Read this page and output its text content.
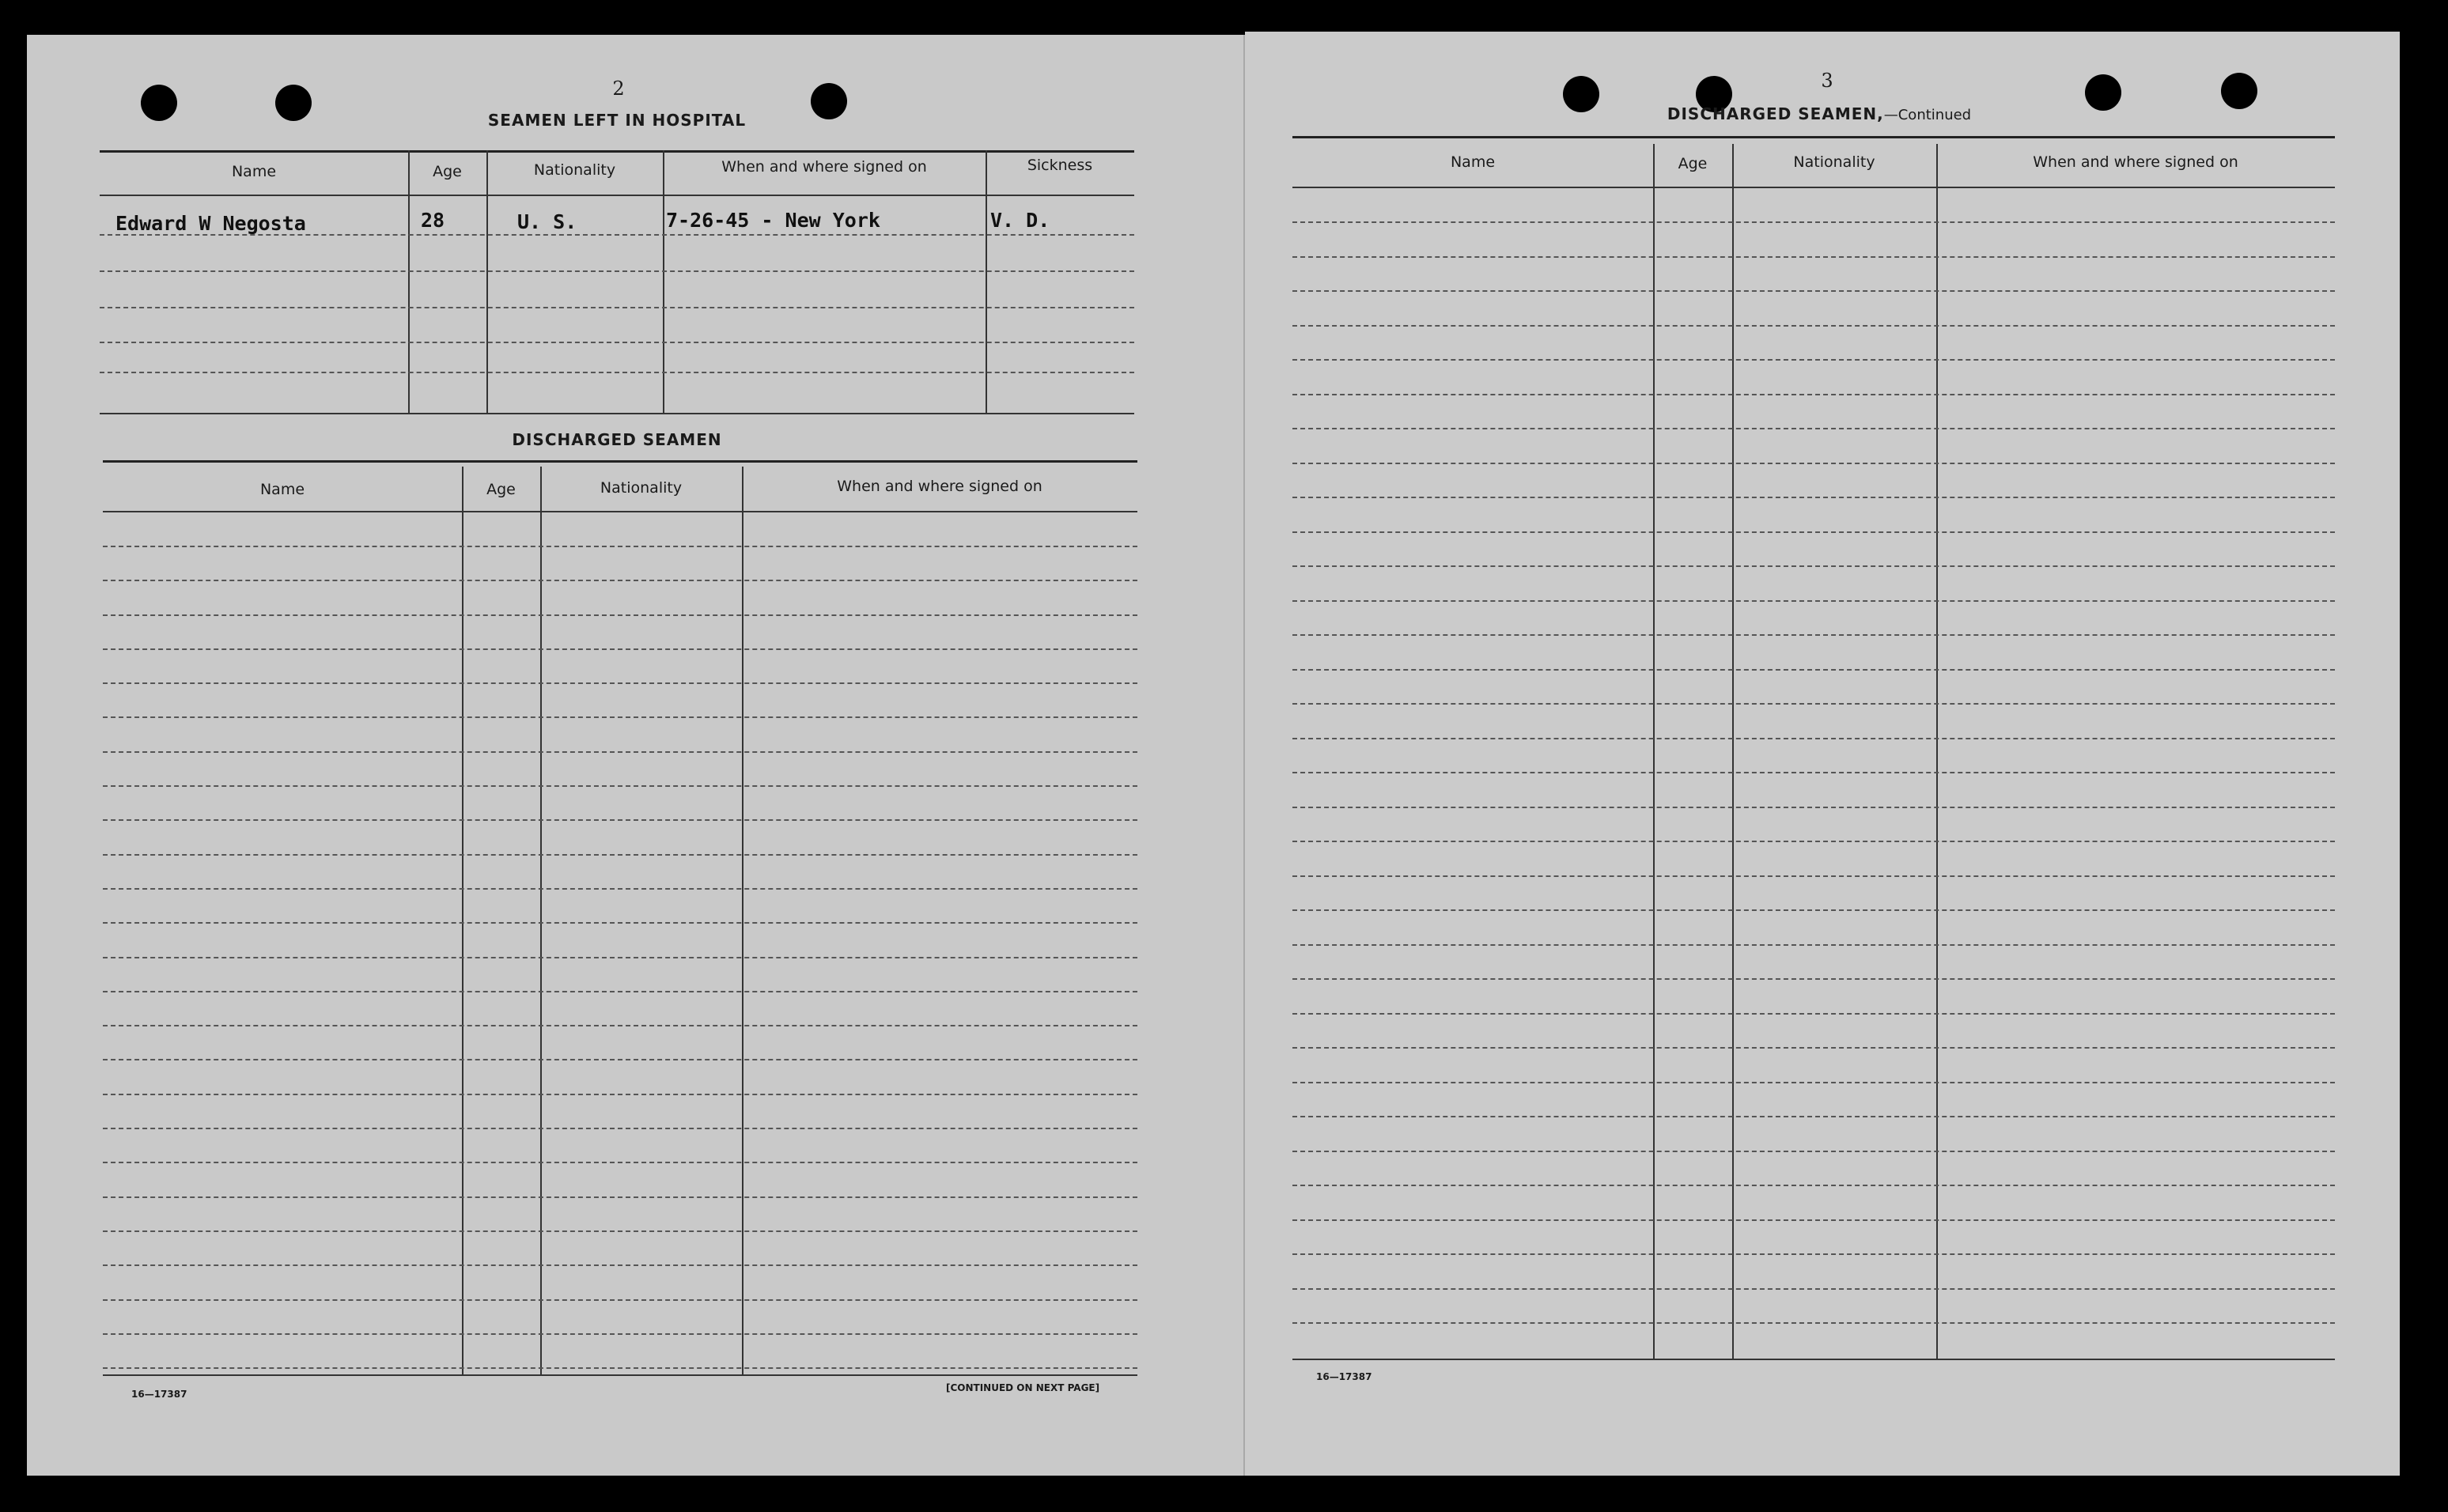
2
SEAMEN LEFT IN HOSPITAL
Name	Age	Nationality	When and where signed on	Sickness
Edward W Negosta	28	U. S.	7-26-45 - New York	V. D.
DISCHARGED SEAMEN
Name	Age	Nationality	When and where signed on
16—17387
[CONTINUED ON NEXT PAGE]
3
DISCHARGED SEAMEN,—Continued
Name	Age	Nationality	When and where signed on
16—17387
